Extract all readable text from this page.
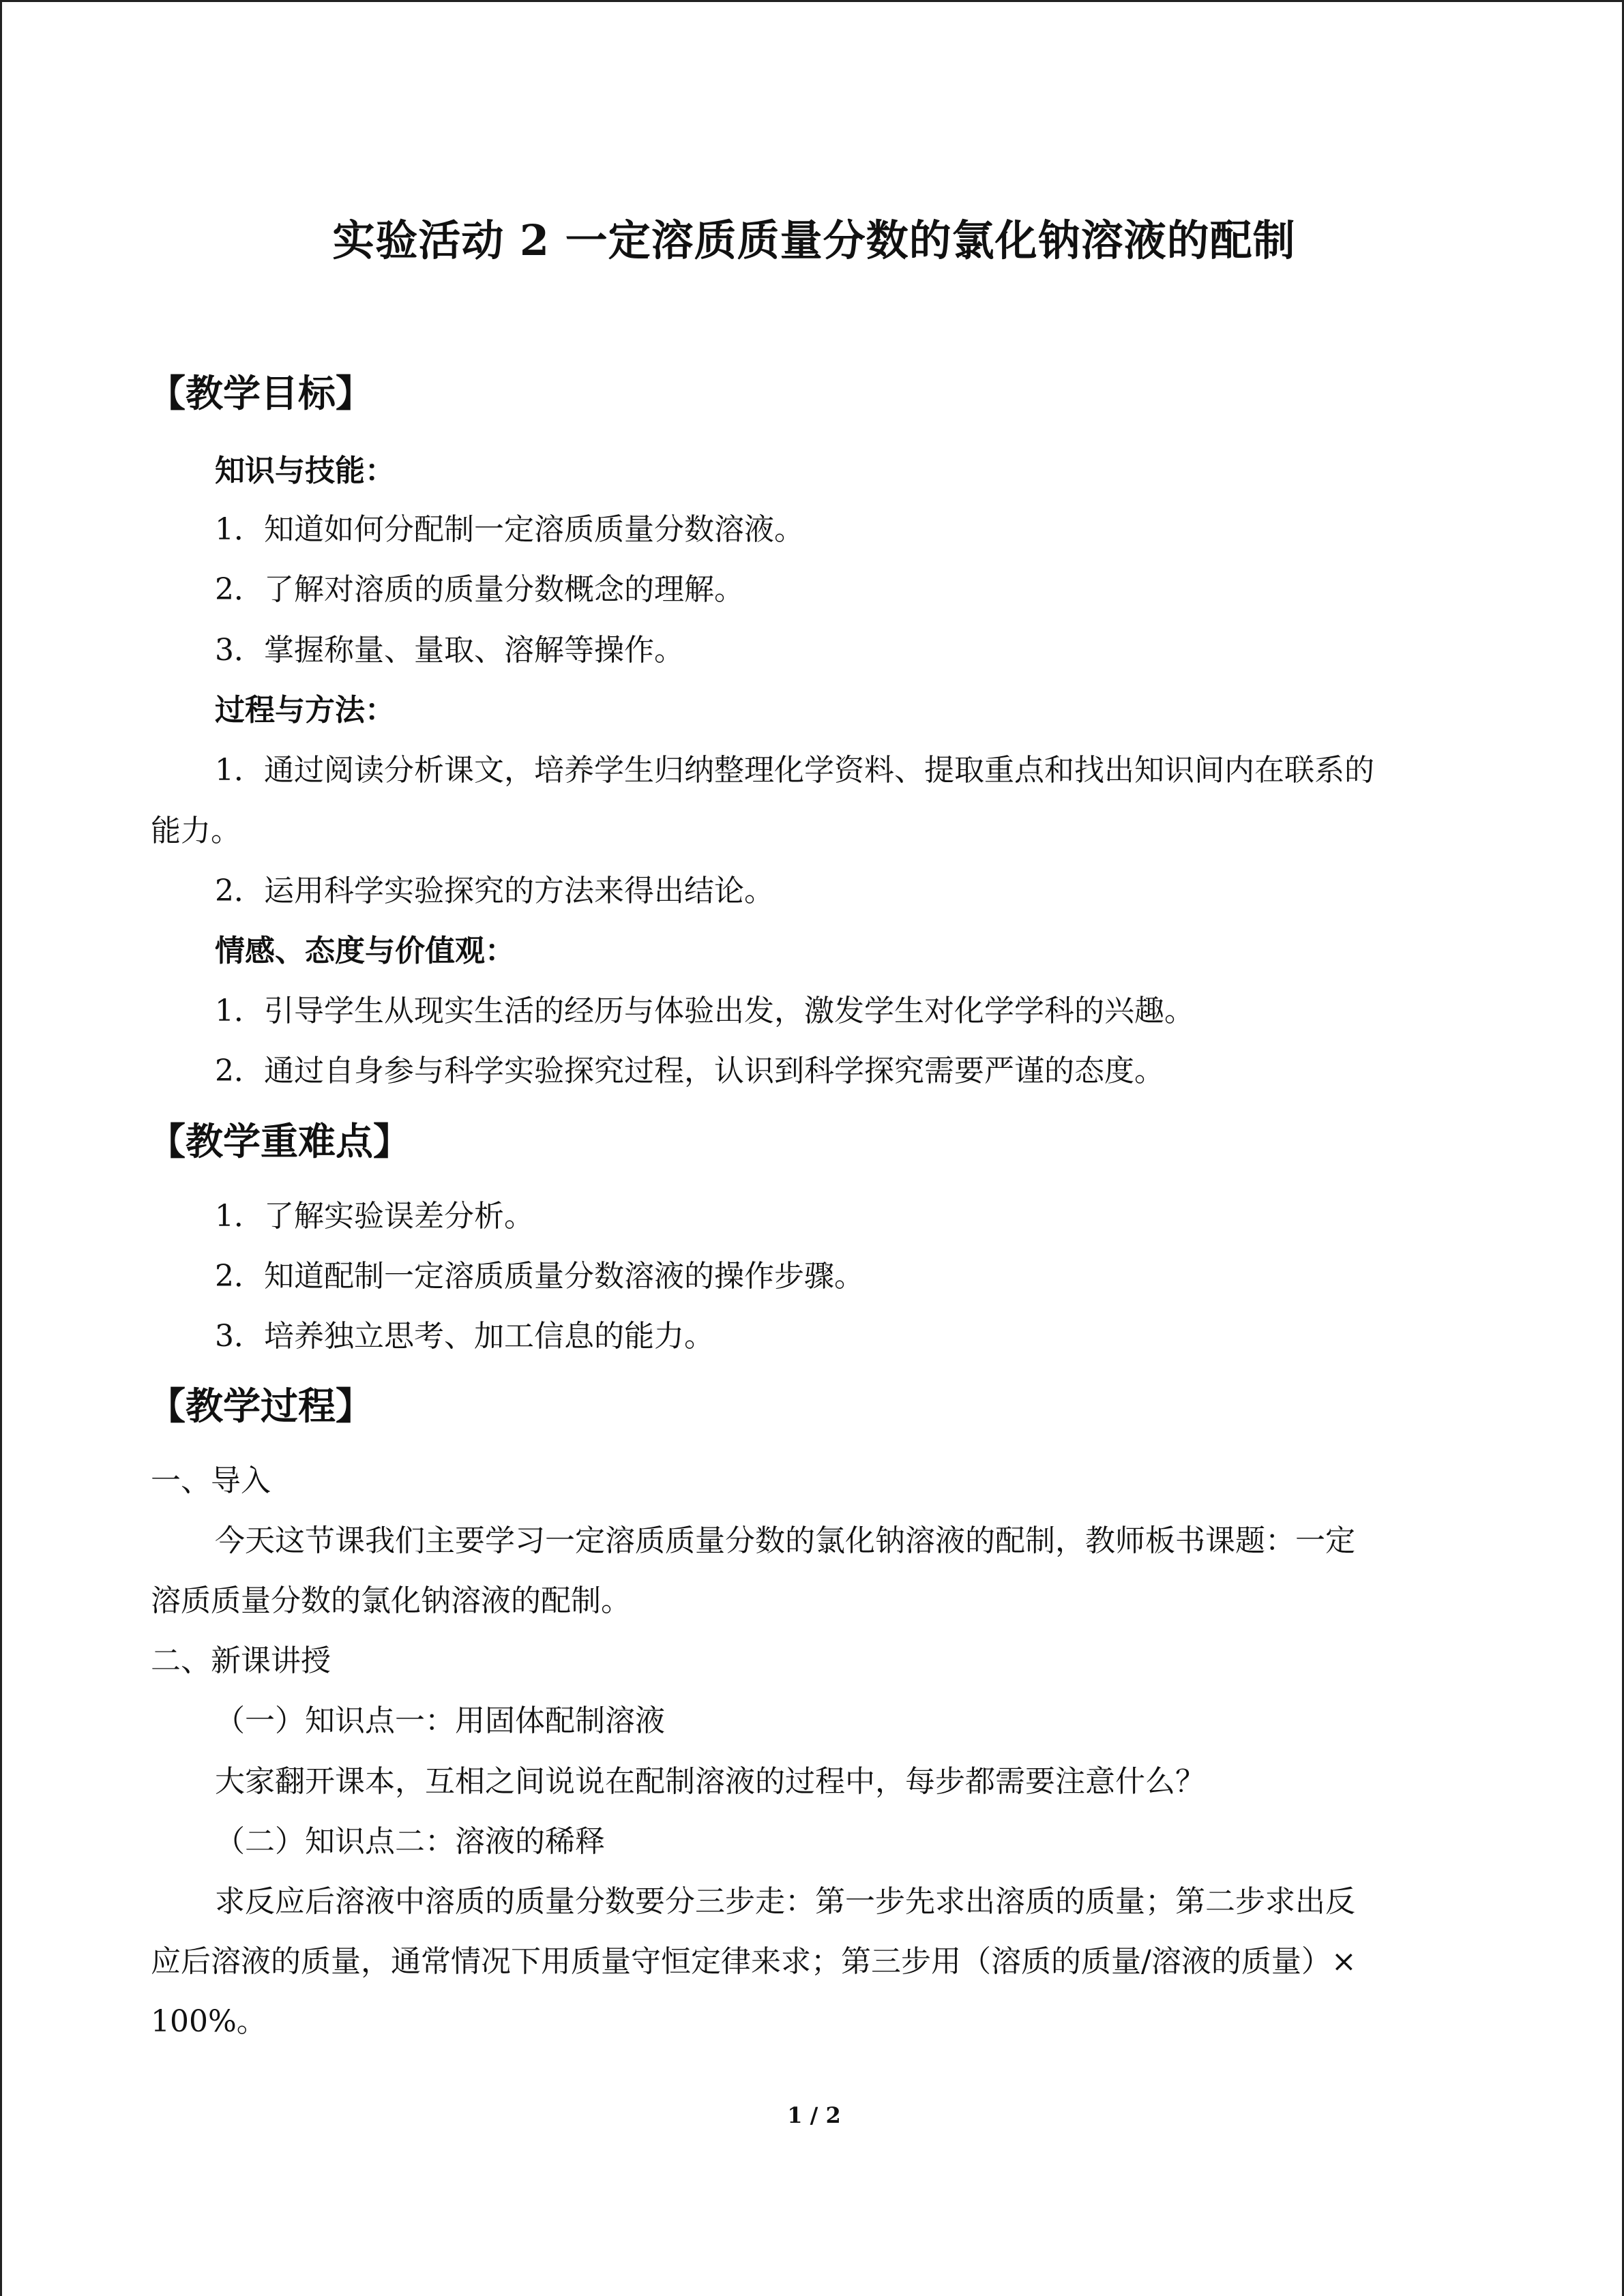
实验活动 2 一定溶质质量分数的氯化钠溶液的配制
【教学目标】
知识与技能：
1．知道如何分配制一定溶质质量分数溶液。
2．了解对溶质的质量分数概念的理解。
3．掌握称量、量取、溶解等操作。
过程与方法：
1．通过阅读分析课文，培养学生归纳整理化学资料、提取重点和找出知识间内在联系的
能力。
2．运用科学实验探究的方法来得出结论。
情感、态度与价值观：
1．引导学生从现实生活的经历与体验出发，激发学生对化学学科的兴趣。
2．通过自身参与科学实验探究过程，认识到科学探究需要严谨的态度。
【教学重难点】
1．了解实验误差分析。
2．知道配制一定溶质质量分数溶液的操作步骤。
3．培养独立思考、加工信息的能力。
【教学过程】
一、导入
今天这节课我们主要学习一定溶质质量分数的氯化钠溶液的配制，教师板书课题：一定
溶质质量分数的氯化钠溶液的配制。
二、新课讲授
（一）知识点一：用固体配制溶液
大家翻开课本，互相之间说说在配制溶液的过程中，每步都需要注意什么？
（二）知识点二：溶液的稀释
求反应后溶液中溶质的质量分数要分三步走：第一步先求出溶质的质量；第二步求出反
应后溶液的质量，通常情况下用质量守恒定律来求；第三步用（溶质的质量/溶液的质量）×
100%。
1 / 2
